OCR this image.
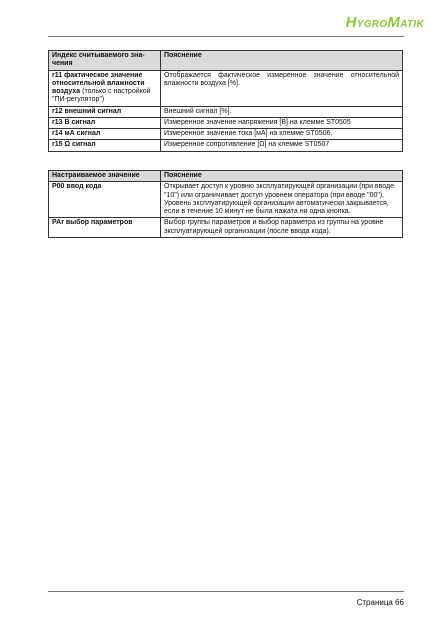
HYGROMATIK
Индекс считываемого зна-чения	Пояснение
r11 фактическое значение относительной влажности воздуха (только с настройкой "ПИ-регулятор")	Отображается фактическое измеренное значение относительной влажности воздуха [%].
r12 внешний сигнал	Внешний сигнал [%].
r13 В сигнал	Измеренное значение напряжения [В] на клемме ST0505
r14 мА сигнал	Измеренное значение тока [мА] на клемме ST0506.
r15 Ω сигнал	Измеренное сопротивление [Ω] на клемме ST0507
Настраиваемое значение	Пояснение
P00 ввод кода	Открывает доступ к уровню эксплуатирующей организации (при вводе "10") или ограничивает доступ уровнем оператора (при вводе "00"). Уровень эксплуатирующей организации автоматически закрывается, если в течение 10 минут не была нажата ни одна кнопка.
PAr выбор параметров	Выбор группы параметров и выбор параметра из группы на уровне эксплуатирующей организации (после ввода кода).
Страница 66
